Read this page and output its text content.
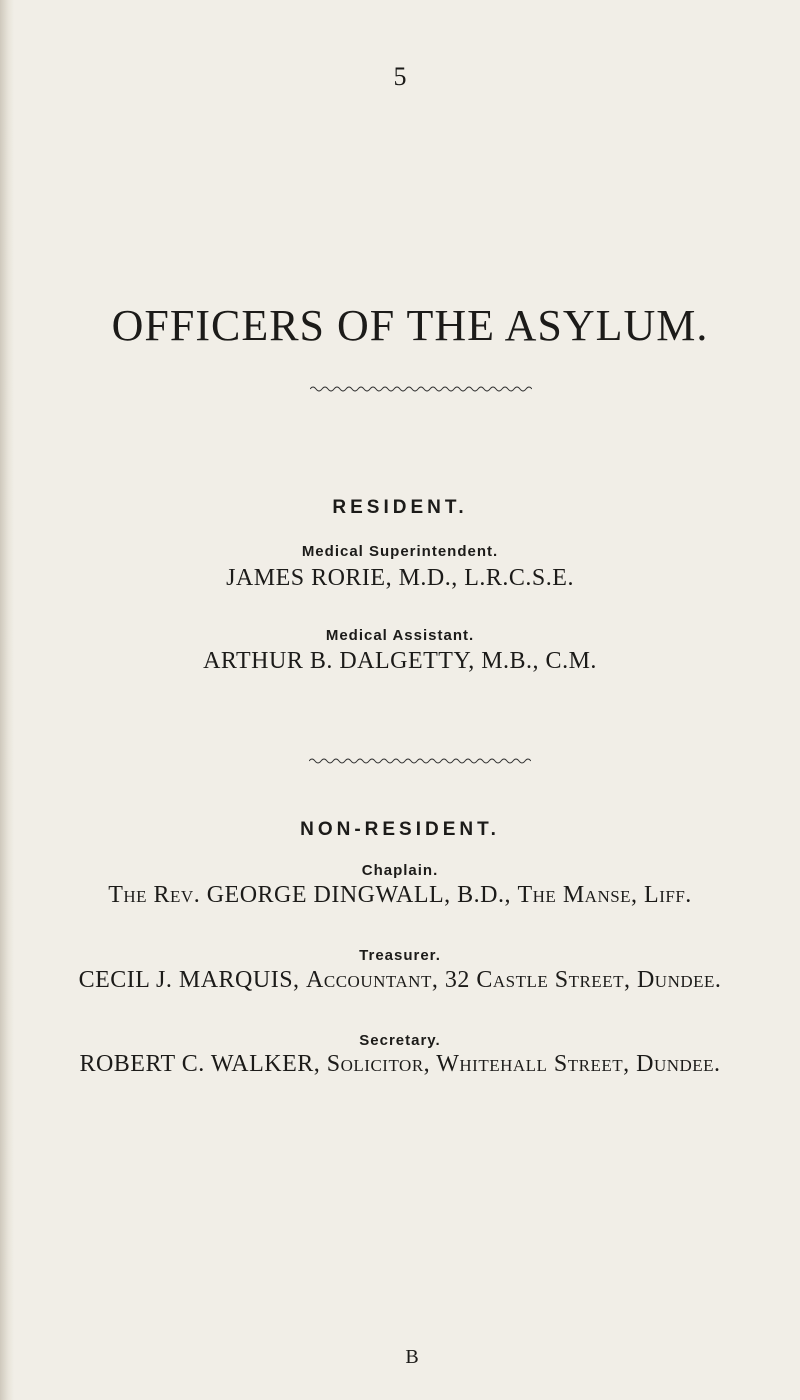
5
OFFICERS OF THE ASYLUM.
RESIDENT.
Medical Superintendent.
JAMES RORIE, M.D., L.R.C.S.E.
Medical Assistant.
ARTHUR B. DALGETTY, M.B., C.M.
NON-RESIDENT.
Chaplain.
The Rev. GEORGE DINGWALL, B.D., The Manse, Liff.
Treasurer.
CECIL J. MARQUIS, Accountant, 32 Castle Street, Dundee.
Secretary.
ROBERT C. WALKER, Solicitor, Whitehall Street, Dundee.
B
